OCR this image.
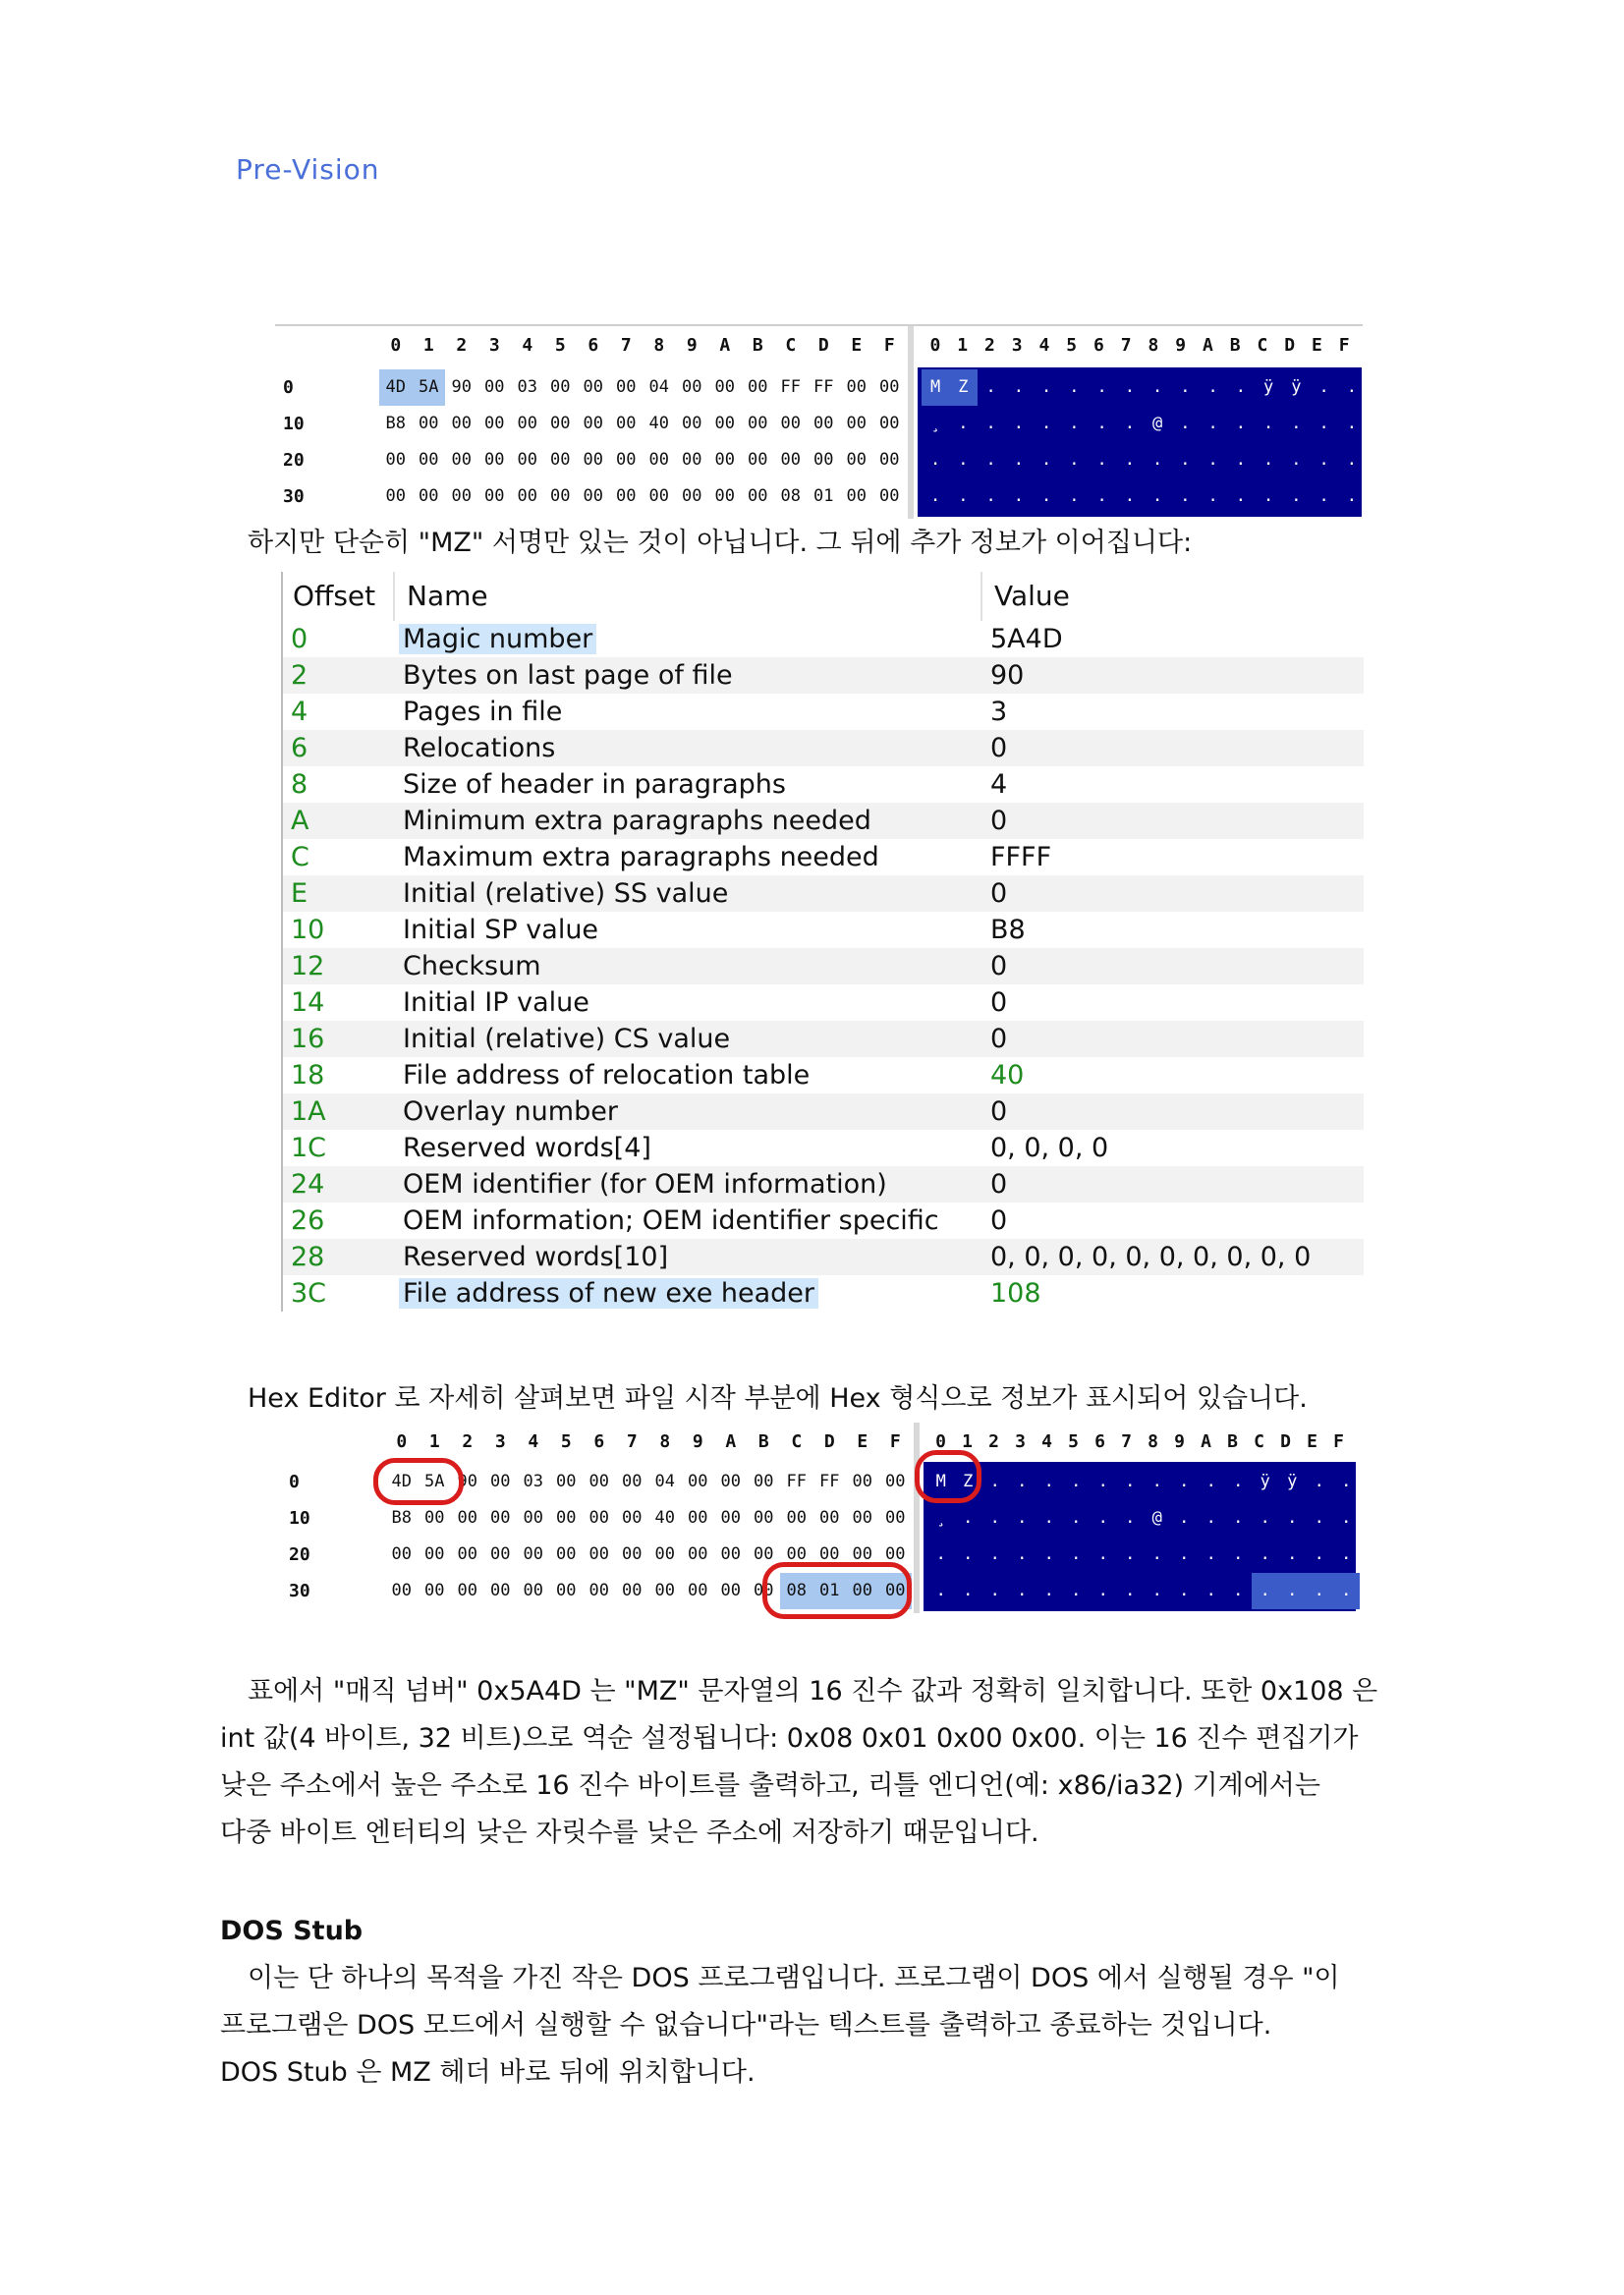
Pre-Vision
0	1	2	3	4	5	6	7	8	9	A	B	C	D	E	F	0 1 2 3 4 5 6 7 8 9 A B C D E F
0	4D 5A 90 00 03 00 00 00 04 00 00 00 FF FF 00 00	M	Z	.	.	.	.	.	.	.	.	.	.	ÿ	ÿ	.	.
10	B8 00 00 00 00 00 00 00 40 00 00 00 00 00 00 00	¸	.	.	.	.	.	.	.	@	.	.	.	.	.	.	.
20	00 00 00 00 00 00 00 00 00 00 00 00 00 00 00 00	.	.	.	.	.	.	.	.	.	.	.	.	.	.	.	.
30	00 00 00 00 00 00 00 00 00 00 00 00 08 01 00 00	.	.	.	.	.	.	.	.	.	.	.	.	.	.	.	.
하지만 단순히 "MZ" 서명만 있는 것이 아닙니다. 그 뒤에 추가 정보가 이어집니다:
Offset Name	Value
0	Magic number	5A4D
2	Bytes on last page of file	90
4	Pages in file	3
6	Relocations	0
8	Size of header in paragraphs	4
A	Minimum extra paragraphs needed	0
C	Maximum extra paragraphs needed	FFFF
E	Initial (relative) SS value	0
10	Initial SP value	B8
12	Checksum	0
14	Initial IP value	0
16	Initial (relative) CS value	0
18	File address of relocation table	40
1A	Overlay number	0
1C	Reserved words[4]	0, 0, 0, 0
24	OEM identifier (for OEM information)	0
26	OEM information; OEM identifier specific 0
28	Reserved words[10]	0, 0, 0, 0, 0, 0, 0, 0, 0, 0
3C	File address of new exe header	108
Hex Editor 로 자세히 살펴보면 파일 시작 부분에 Hex 형식으로 정보가 표시되어 있습니다.
0	1	2	3	4	5	6	7	8	9	A	B	C	D	E	F	0 1 2 3 4 5 6 7 8 9 A B C D E F
0	4D 5A 90 00 03 00 00 00 04 00 00 00 FF FF 00 00	M	Z	.	.	.	.	.	.	.	.	.	.	ÿ	ÿ	.	.
10	B8 00 00 00 00 00 00 00 40 00 00 00 00 00 00 00	¸	.	.	.	.	.	.	.	@	.	.	.	.	.	.	.
20	00 00 00 00 00 00 00 00 00 00 00 00 00 00 00 00	.	.	.	.	.	.	.	.	.	.	.	.	.	.	.	.
30	00 00 00 00 00 00 00 00 00 00 00 00 08 01 00 00	.	.	.	.	.	.	.	.	.	.	.	.	.	.	.	.
표에서 "매직 넘버" 0x5A4D 는 "MZ" 문자열의 16 진수 값과 정확히 일치합니다. 또한 0x108 은
int 값(4 바이트, 32 비트)으로 역순 설정됩니다: 0x08 0x01 0x00 0x00. 이는 16 진수 편집기가
낮은 주소에서 높은 주소로 16 진수 바이트를 출력하고, 리틀 엔디언(예: x86/ia32) 기계에서는
다중 바이트 엔터티의 낮은 자릿수를 낮은 주소에 저장하기 때문입니다.
DOS Stub
이는 단 하나의 목적을 가진 작은 DOS 프로그램입니다. 프로그램이 DOS 에서 실행될 경우 "이
프로그램은 DOS 모드에서 실행할 수 없습니다"라는 텍스트를 출력하고 종료하는 것입니다.
DOS Stub 은 MZ 헤더 바로 뒤에 위치합니다.
